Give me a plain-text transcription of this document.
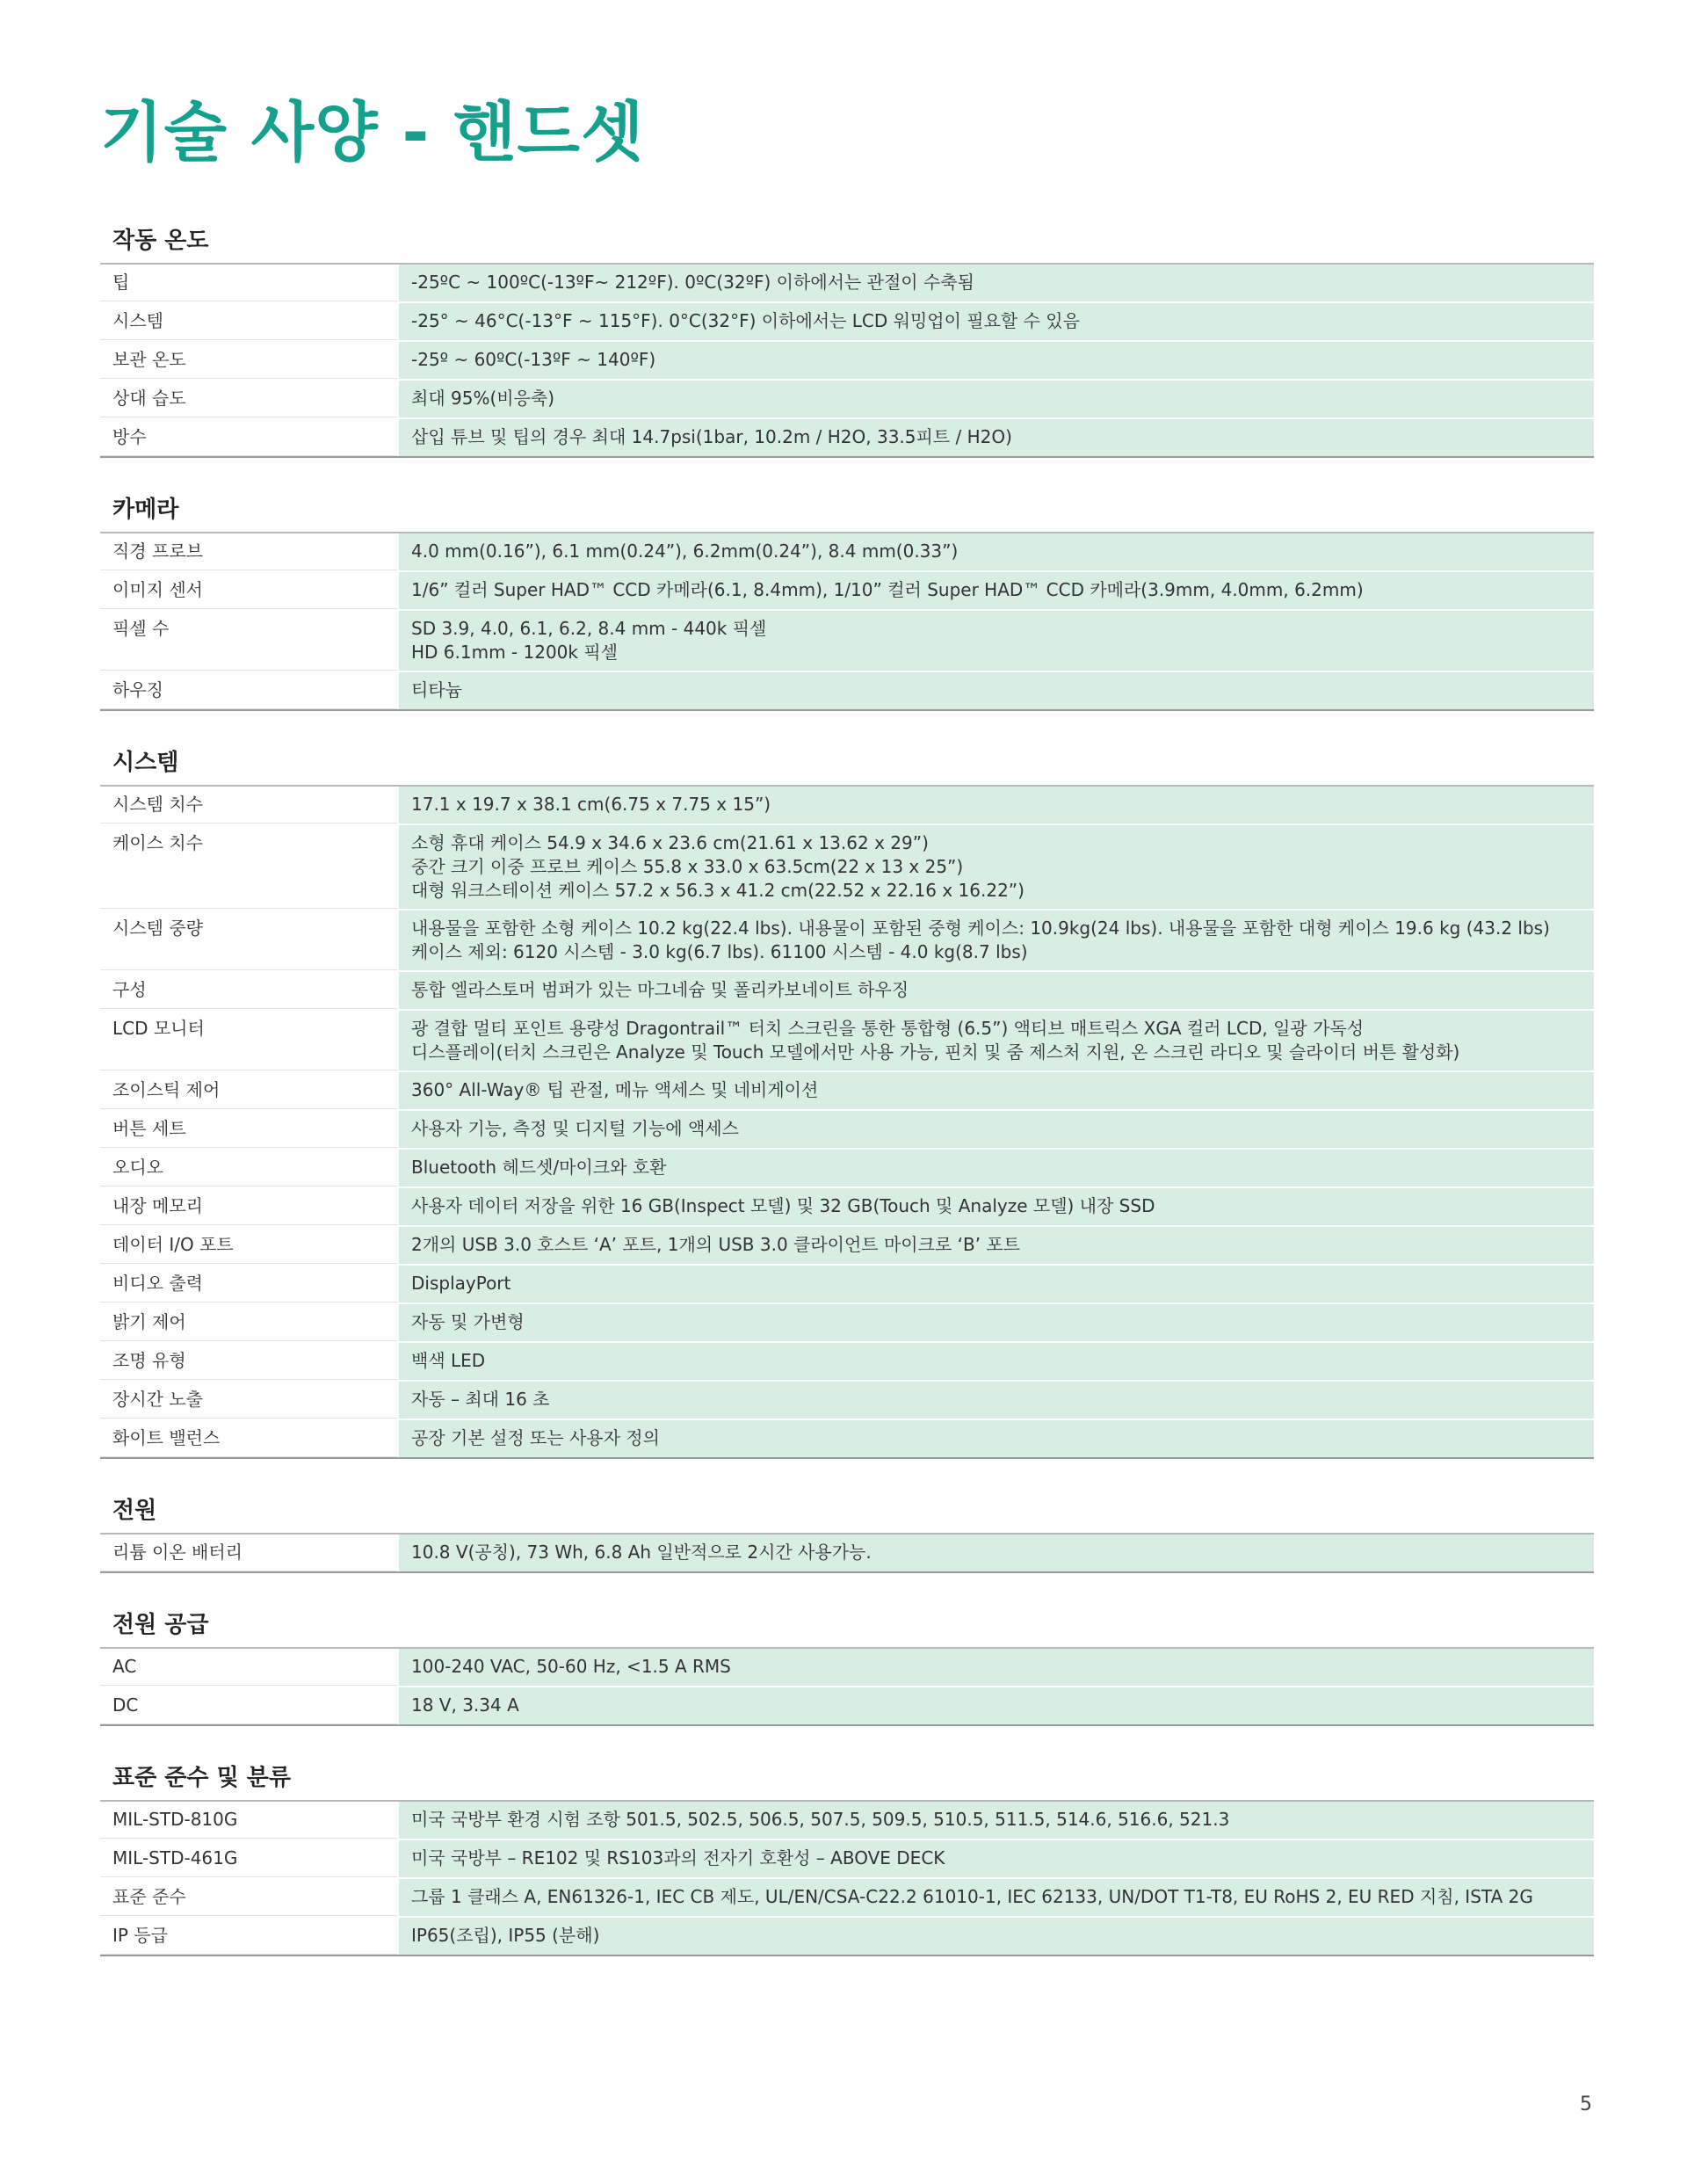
기술 사양 - 핸드셋
작동 온도
팁	-25ºC ~ 100ºC(-13ºF~ 212ºF). 0ºC(32ºF) 이하에서는 관절이 수축됨
시스템	-25° ~ 46°C(-13°F ~ 115°F). 0°C(32°F) 이하에서는 LCD 워밍업이 필요할 수 있음
보관 온도	-25º ~ 60ºC(-13ºF ~ 140ºF)
상대 습도	최대 95%(비응축)
방수	삽입 튜브 및 팁의 경우 최대 14.7psi(1bar, 10.2m / H2O, 33.5피트 / H2O)
카메라
직경 프로브	4.0 mm(0.16”), 6.1 mm(0.24”), 6.2mm(0.24”), 8.4 mm(0.33”)
이미지 센서	1/6” 컬러 Super HAD™ CCD 카메라(6.1, 8.4mm), 1/10” 컬러 Super HAD™ CCD 카메라(3.9mm, 4.0mm, 6.2mm)
픽셀 수	SD 3.9, 4.0, 6.1, 6.2, 8.4 mm - 440k 픽셀
HD 6.1mm - 1200k 픽셀
하우징	티타늄
시스템
시스템 치수	17.1 x 19.7 x 38.1 cm(6.75 x 7.75 x 15”)
케이스 치수	소형 휴대 케이스 54.9 x 34.6 x 23.6 cm(21.61 x 13.62 x 29”)
중간 크기 이중 프로브 케이스 55.8 x 33.0 x 63.5cm(22 x 13 x 25”)
대형 워크스테이션 케이스 57.2 x 56.3 x 41.2 cm(22.52 x 22.16 x 16.22”)
시스템 중량	내용물을 포함한 소형 케이스 10.2 kg(22.4 lbs). 내용물이 포함된 중형 케이스: 10.9kg(24 lbs). 내용물을 포함한 대형 케이스 19.6 kg (43.2 lbs)
케이스 제외: 6120 시스템 - 3.0 kg(6.7 lbs). 61100 시스템 - 4.0 kg(8.7 lbs)
구성	통합 엘라스토머 범퍼가 있는 마그네슘 및 폴리카보네이트 하우징
LCD 모니터	광 결합 멀티 포인트 용량성 Dragontrail™ 터치 스크린을 통한 통합형 (6.5”) 액티브 매트릭스 XGA 컬러 LCD, 일광 가독성
디스플레이(터치 스크린은 Analyze 및 Touch 모델에서만 사용 가능, 핀치 및 줌 제스처 지원, 온 스크린 라디오 및 슬라이더 버튼 활성화)
조이스틱 제어	360° All-Way® 팁 관절, 메뉴 액세스 및 네비게이션
버튼 세트	사용자 기능, 측정 및 디지털 기능에 액세스
오디오	Bluetooth 헤드셋/마이크와 호환
내장 메모리	사용자 데이터 저장을 위한 16 GB(Inspect 모델) 및 32 GB(Touch 및 Analyze 모델) 내장 SSD
데이터 I/O 포트	2개의 USB 3.0 호스트 ‘A’ 포트, 1개의 USB 3.0 클라이언트 마이크로 ‘B’ 포트
비디오 출력	DisplayPort
밝기 제어	자동 및 가변형
조명 유형	백색 LED
장시간 노출	자동 – 최대 16 초
화이트 밸런스	공장 기본 설정 또는 사용자 정의
전원
리튬 이온 배터리	10.8 V(공칭), 73 Wh, 6.8 Ah 일반적으로 2시간 사용가능.
전원 공급
AC	100-240 VAC, 50-60 Hz, <1.5 A RMS
DC	18 V, 3.34 A
표준 준수 및 분류
MIL-STD-810G	미국 국방부 환경 시험 조항 501.5, 502.5, 506.5, 507.5, 509.5, 510.5, 511.5, 514.6, 516.6, 521.3
MIL-STD-461G	미국 국방부 – RE102 및 RS103과의 전자기 호환성 – ABOVE DECK
표준 준수	그룹 1 클래스 A, EN61326-1, IEC CB 제도, UL/EN/CSA-C22.2 61010-1, IEC 62133, UN/DOT T1-T8, EU RoHS 2, EU RED 지침, ISTA 2G
IP 등급	IP65(조립), IP55 (분해)
5
